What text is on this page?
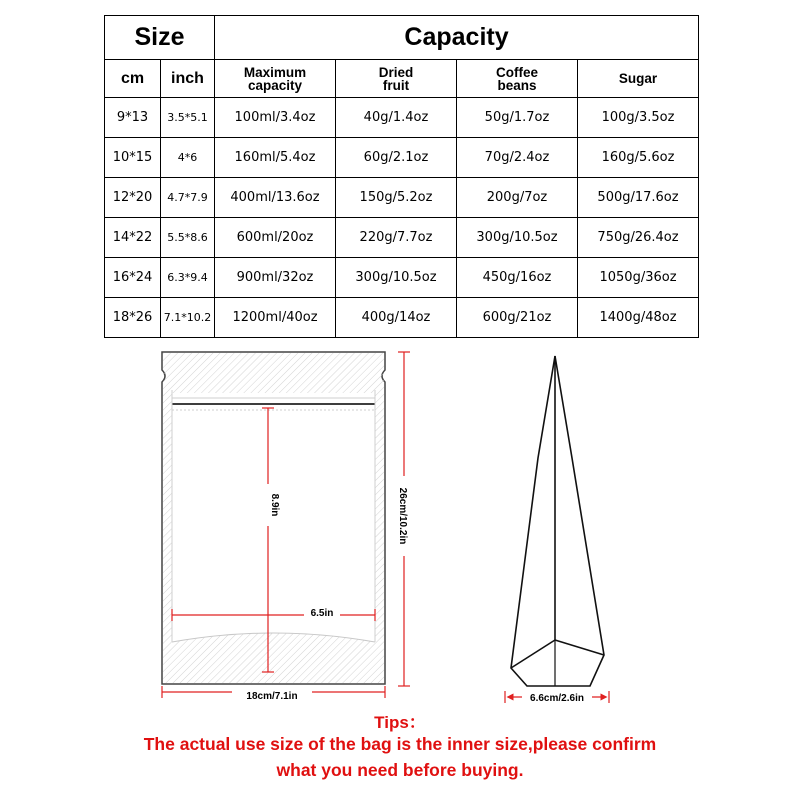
Size		Capacity			
cm	inch	Maximum capacity	Dried fruit	Coffee beans	Sugar
9*13	3.5*5.1	100ml/3.4oz	40g/1.4oz	50g/1.7oz	100g/3.5oz
10*15	4*6	160ml/5.4oz	60g/2.1oz	70g/2.4oz	160g/5.6oz
12*20	4.7*7.9	400ml/13.6oz	150g/5.2oz	200g/7oz	500g/17.6oz
14*22	5.5*8.6	600ml/20oz	220g/7.7oz	300g/10.5oz	750g/26.4oz
16*24	6.3*9.4	900ml/32oz	300g/10.5oz	450g/16oz	1050g/36oz
18*26	7.1*10.2	1200ml/40oz	400g/14oz	600g/21oz	1400g/48oz
8.9in
6.5in
26cm/10.2in
18cm/7.1in	6.6cm/2.6in
Tips：
The actual use size of the bag is the inner size,please confirm
what you need before buying.
